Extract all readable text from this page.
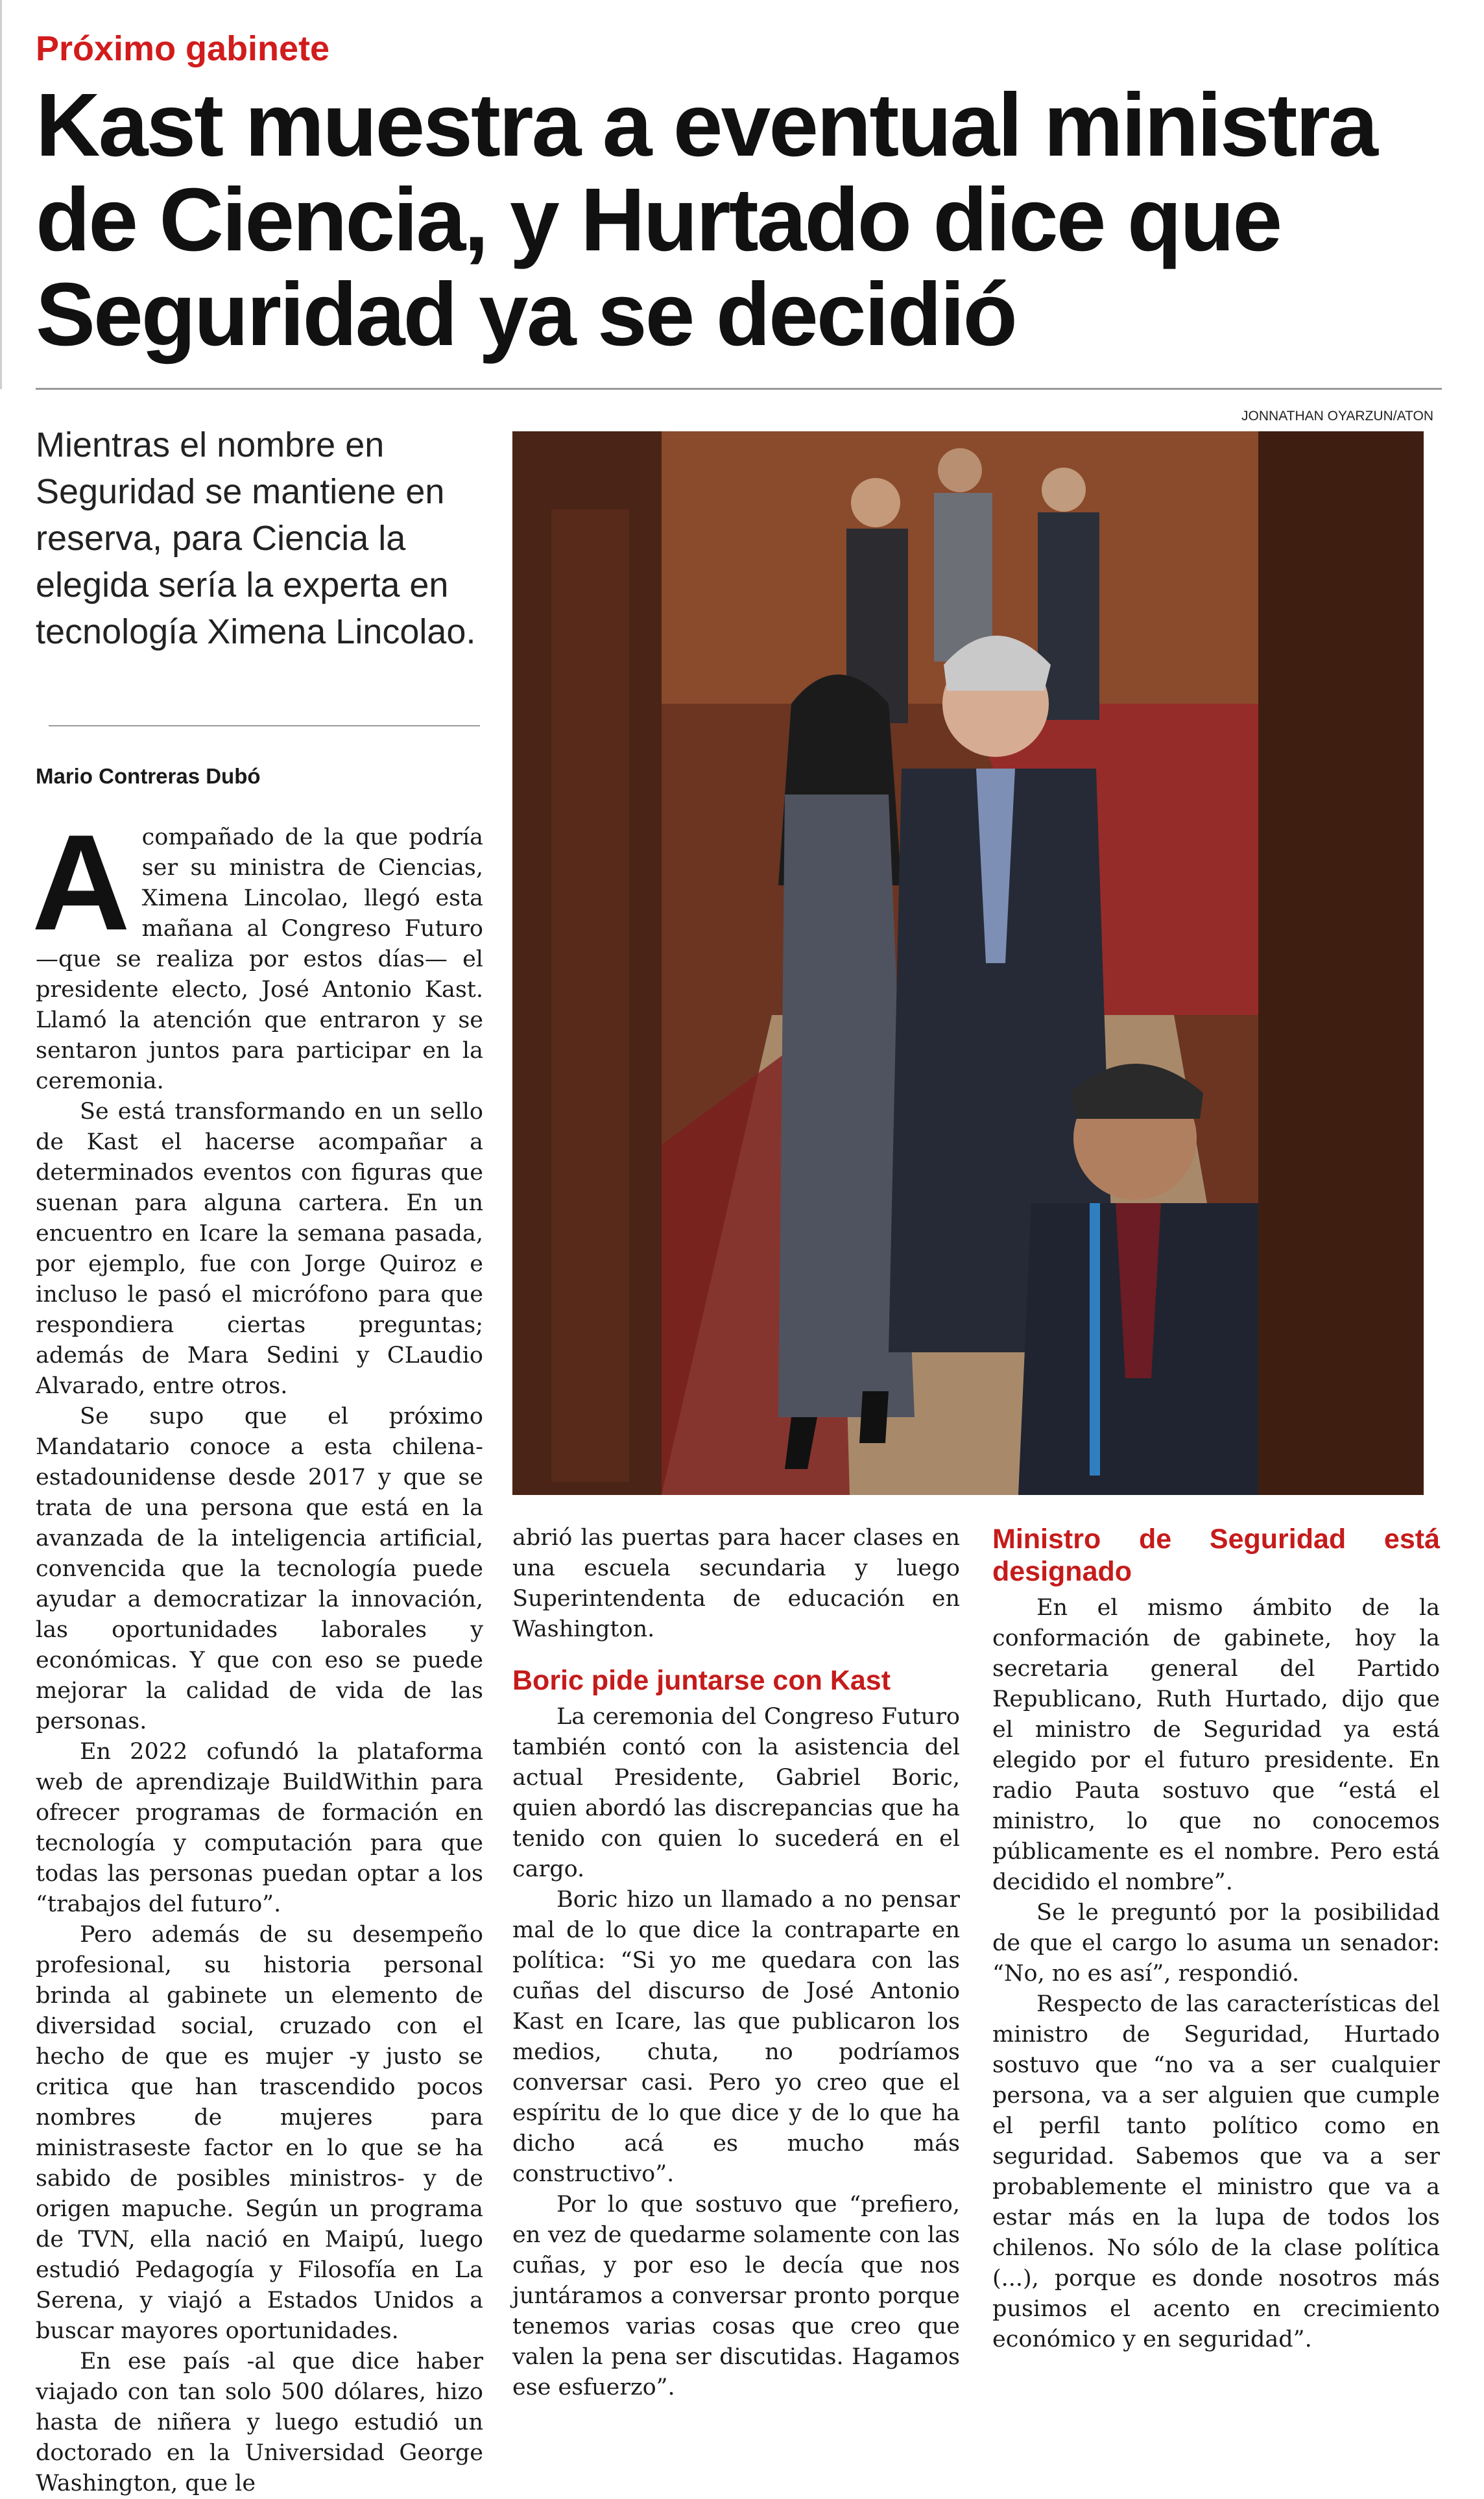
Próximo gabinete
Kast muestra a eventual ministra
de Ciencia, y Hurtado dice que
Seguridad ya se decidió
JONNATHAN OYARZUN/ATON
Mientras el nombre en Seguridad se mantiene en reserva, para Ciencia la elegida sería la experta en tecnología Ximena Lincolao.
Mario Contreras Dubó

Acompañado de la que podría ser su ministra de Ciencias, Ximena Lincolao, llegó esta mañana al Congreso Futuro —que se realiza por estos días— el presidente electo, José Antonio Kast. Llamó la atención que entraron y se sentaron juntos para participar en la ceremonia.

Se está transformando en un sello de Kast el hacerse acompañar a determinados eventos con figuras que suenan para alguna cartera. En un encuentro en Icare la semana pasada, por ejemplo, fue con Jorge Quiroz e incluso le pasó el micrófono para que respondiera ciertas preguntas; además de Mara Sedini y CLaudio Alvarado, entre otros.

Se supo que el próximo Mandatario conoce a esta chilena-estadounidense desde 2017 y que se trata de una persona que está en la avanzada de la inteligencia artificial, convencida que la tecnología puede ayudar a democratizar la innovación, las oportunidades laborales y económicas. Y que con eso se puede mejorar la calidad de vida de las personas.

En 2022 cofundó la plataforma web de aprendizaje BuildWithin para ofrecer programas de formación en tecnología y computación para que todas las personas puedan optar a los “trabajos del futuro”.

Pero además de su desempeño profesional, su historia personal brinda al gabinete un elemento de diversidad social, cruzado con el hecho de que es mujer -y justo se critica que han trascendido pocos nombres de mujeres para ministraseste factor en lo que se ha sabido de posibles ministros- y de origen mapuche. Según un programa de TVN, ella nació en Maipú, luego estudió Pedagogía y Filosofía en La Serena, y viajó a Estados Unidos a buscar mayores oportunidades.

En ese país -al que dice haber viajado con tan solo 500 dólares, hizo hasta de niñera y luego estudió un doctorado en la Universidad George Washington, que le

abrió las puertas para hacer clases en una escuela secundaria y luego Superintendenta de educación en Washington.

Boric pide juntarse con Kast

La ceremonia del Congreso Futuro también contó con la asistencia del actual Presidente, Gabriel Boric, quien abordó las discrepancias que ha tenido con quien lo sucederá en el cargo.

Boric hizo un llamado a no pensar mal de lo que dice la contraparte en política: “Si yo me quedara con las cuñas del discurso de José Antonio Kast en Icare, las que publicaron los medios, chuta, no podríamos conversar casi. Pero yo creo que el espíritu de lo que dice y de lo que ha dicho acá es mucho más constructivo”.

Por lo que sostuvo que “prefiero, en vez de quedarme solamente con las cuñas, y por eso le decía que nos juntáramos a conversar pronto porque tenemos varias cosas que creo que valen la pena ser discutidas. Hagamos ese esfuerzo”.

Ministro de Seguridad está designado

En el mismo ámbito de la conformación de gabinete, hoy la secretaria general del Partido Republicano, Ruth Hurtado, dijo que el ministro de Seguridad ya está elegido por el futuro presidente. En radio Pauta sostuvo que “está el ministro, lo que no conocemos públicamente es el nombre. Pero está decidido el nombre”.

Se le preguntó por la posibilidad de que el cargo lo asuma un senador: “No, no es así”, respondió.

Respecto de las características del ministro de Seguridad, Hurtado sostuvo que “no va a ser cualquier persona, va a ser alguien que cumple el perfil tanto político como en seguridad. Sabemos que va a ser probablemente el ministro que va a estar más en la lupa de todos los chilenos. No sólo de la clase política (...), porque es donde nosotros más pusimos el acento en crecimiento económico y en seguridad”.
